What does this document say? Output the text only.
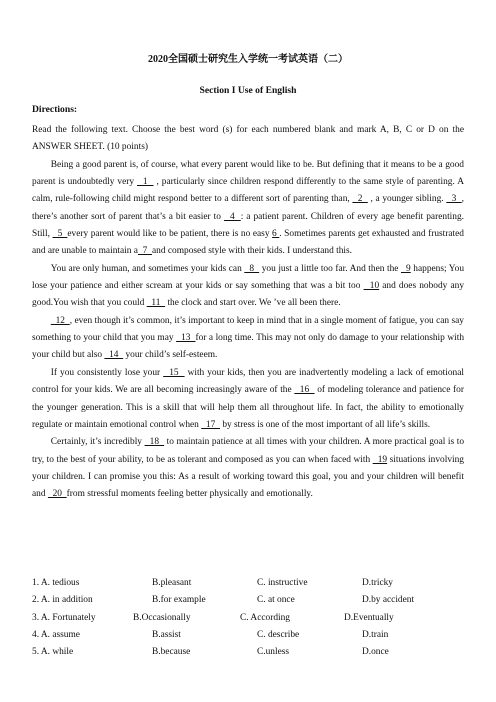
2020全国硕士研究生入学统一考试英语（二）
Section I Use of English
Directions:

Read the following text. Choose the best word (s) for each numbered blank and mark A, B, C or D on the ANSWER SHEET. (10 points)

Being a good parent is, of course, what every parent would like to be. But defining that it means to be a good parent is undoubtedly very   1   , particularly since children respond differently to the same style of parenting. A calm, rule-following child might respond better to a different sort of parenting than,   2   , a younger sibling.   3  , there’s another sort of parent that’s a bit easier to   4  : a patient parent. Children of every age benefit parenting. Still,   5  every parent would like to be patient, there is no easy 6 . Sometimes parents get exhausted and frustrated and are unable to maintain a  7  and composed style with their kids. I understand this.

You are only human, and sometimes your kids can   8   you just a little too far. And then the   9 happens; You lose your patience and either scream at your kids or say something that was a bit too   10 and does nobody any good.You wish that you could   11   the clock and start over. We ’ve all been there.

12  , even though it’s common, it’s important to keep in mind that in a single moment of fatigue, you can say something to your child that you may   13  for a long time. This may not only do damage to your relationship with your child but also   14   your child’s self-esteem.

If you consistently lose your   15   with your kids, then you are inadvertently modeling a lack of emotional control for your kids. We are all becoming increasingly aware of the   16   of modeling tolerance and patience for the younger generation. This is a skill that will help them all throughout life. In fact, the ability to emotionally regulate or maintain emotional control when   17   by stress is one of the most important of all life’s skills.

Certainly, it’s incredibly   18   to maintain patience at all times with your children. A more practical goal is to try, to the best of your ability, to be as tolerant and composed as you can when faced with   19 situations involving your children. I can promise you this: As a result of working toward this goal, you and your children will benefit and   20  from stressful moments feeling better physically and emotionally.

1. A. tedious	B.pleasant	C. instructive	D.tricky
2. A. in addition	B.for example	C. at once	D.by accident
3. A. Fortunately	B.Occasionally	C. According	D.Eventually
4. A. assume	B.assist	C. describe	D.train
5. A. while	B.because	C.unless	D.once
